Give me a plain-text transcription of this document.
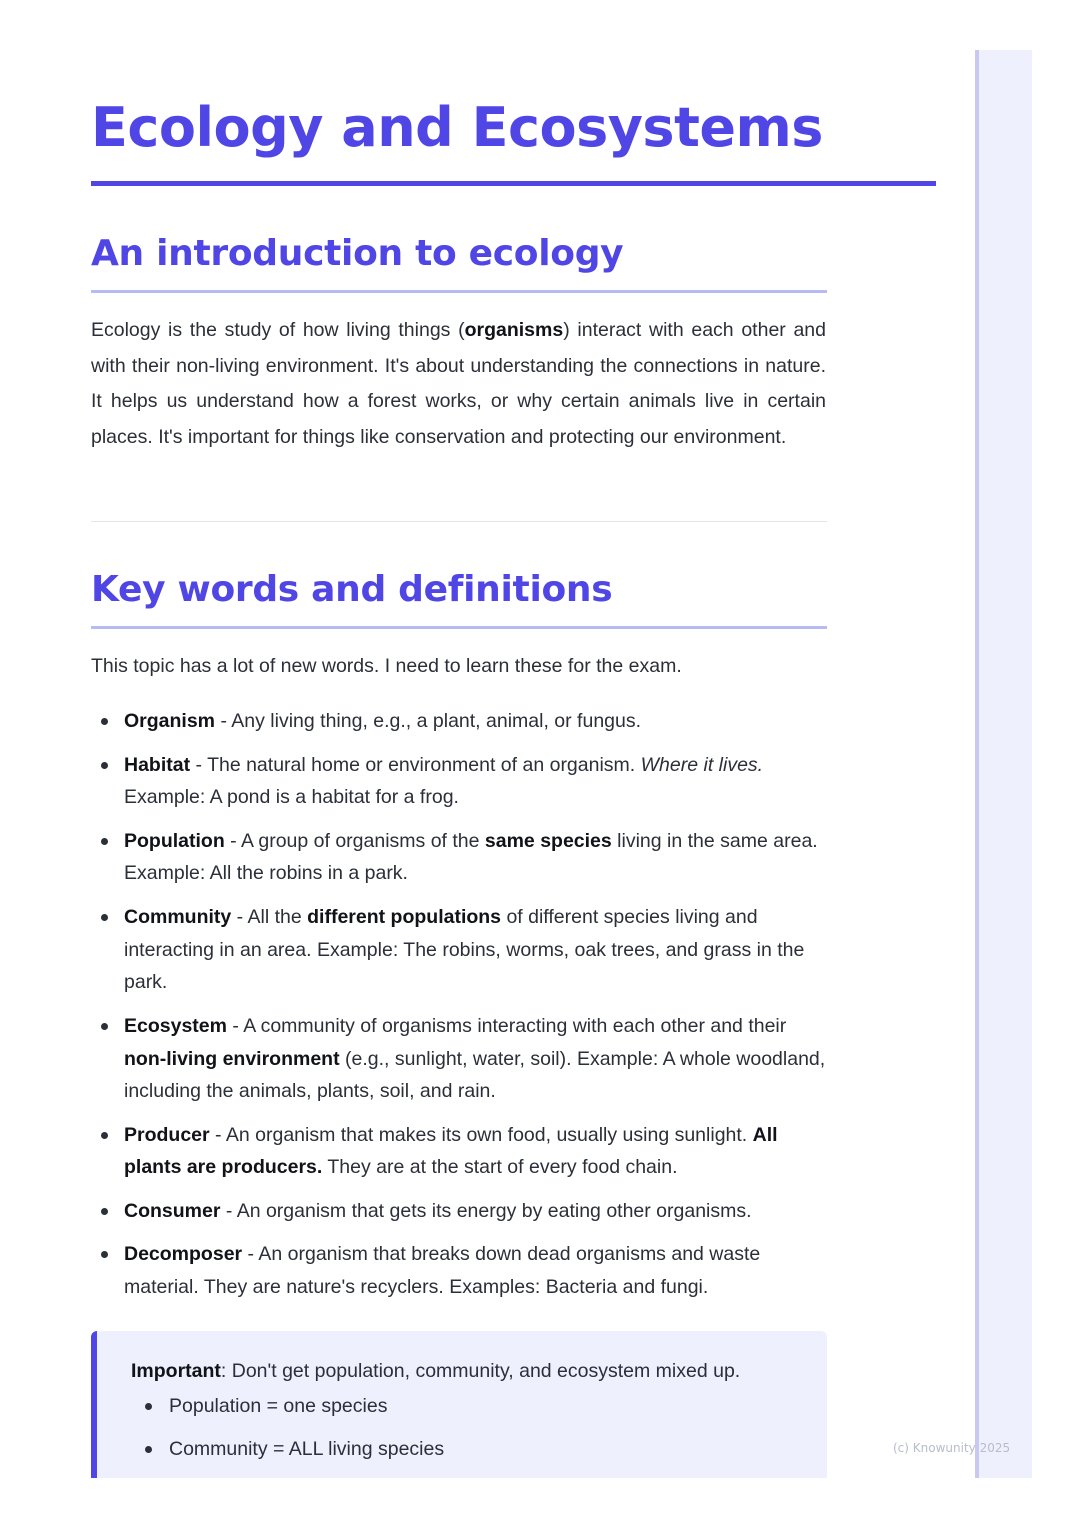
(c) Knowunity 2025
Ecology and Ecosystems
An introduction to ecology

Ecology is the study of how living things (organisms) interact with each other and with their non-living environment. It's about understanding the connections in nature. It helps us understand how a forest works, or why certain animals live in certain places. It's important for things like conservation and protecting our environment.

Key words and definitions

This topic has a lot of new words. I need to learn these for the exam.

Organism - Any living thing, e.g., a plant, animal, or fungus.
Habitat - The natural home or environment of an organism. Where it lives. Example: A pond is a habitat for a frog.
Population - A group of organisms of the same species living in the same area. Example: All the robins in a park.
Community - All the different populations of different species living and interacting in an area. Example: The robins, worms, oak trees, and grass in the park.
Ecosystem - A community of organisms interacting with each other and their non-living environment (e.g., sunlight, water, soil). Example: A whole woodland, including the animals, plants, soil, and rain.
Producer - An organism that makes its own food, usually using sunlight. All plants are producers. They are at the start of every food chain.
Consumer - An organism that gets its energy by eating other organisms.
Decomposer - An organism that breaks down dead organisms and waste material. They are nature's recyclers. Examples: Bacteria and fungi.
Important: Don't get population, community, and ecosystem mixed up.
Population = one species
Community = ALL living species
